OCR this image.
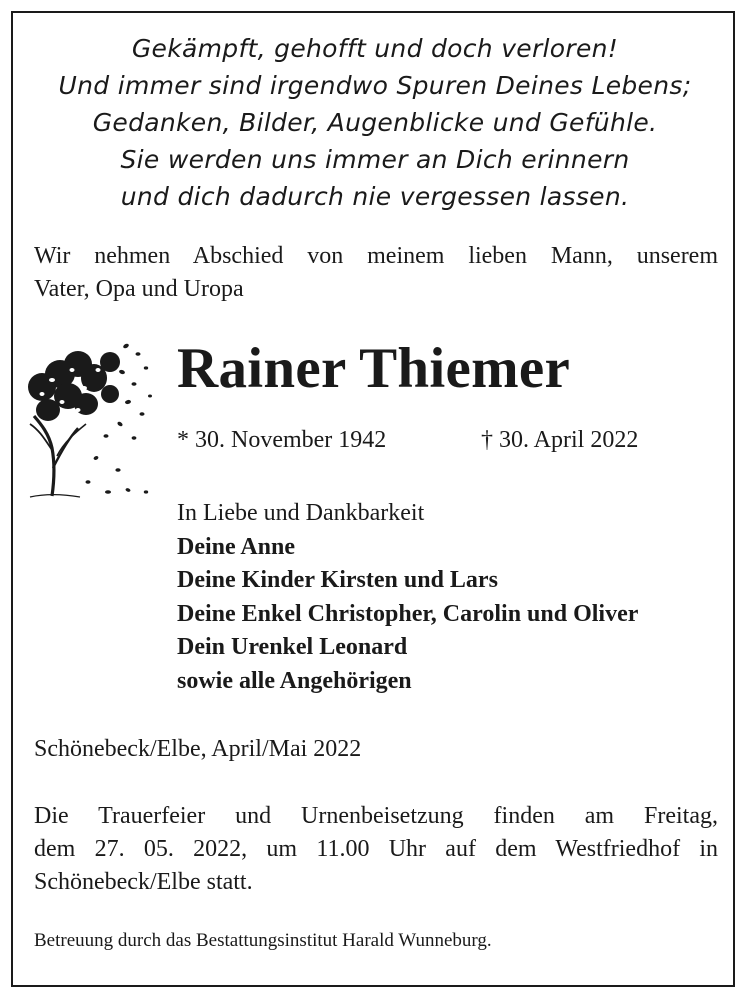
Gekämpft, gehofft und doch verloren!
Und immer sind irgendwo Spuren Deines Lebens;
Gedanken, Bilder, Augenblicke und Gefühle.
Sie werden uns immer an Dich erinnern
und dich dadurch nie vergessen lassen.
Wir nehmen Abschied von meinem lieben Mann, unserem
Vater, Opa und Uropa
Rainer Thiemer
* 30. November 1942	† 30. April 2022
In Liebe und Dankbarkeit
Deine Anne
Deine Kinder Kirsten und Lars
Deine Enkel Christopher, Carolin und Oliver
Dein Urenkel Leonard
sowie alle Angehörigen
Schönebeck/Elbe, April/Mai 2022
Die Trauerfeier und Urnenbeisetzung finden am Freitag,
dem 27. 05. 2022, um 11.00 Uhr auf dem Westfriedhof in
Schönebeck/Elbe statt.
Betreuung durch das Bestattungsinstitut Harald Wunneburg.
